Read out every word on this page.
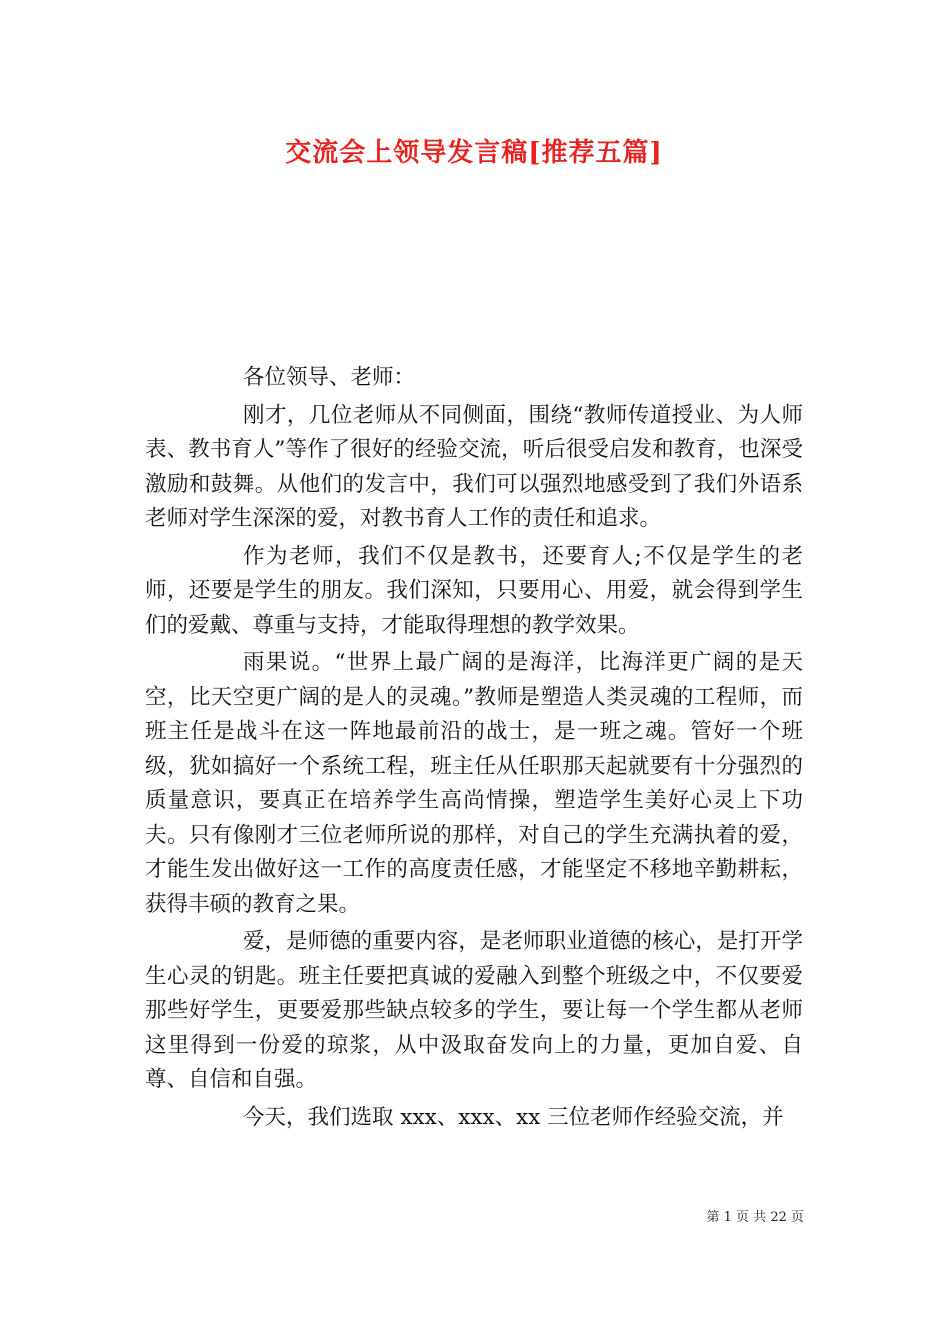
交流会上领导发言稿[推荐五篇]

各位领导、老师：

刚才，几位老师从不同侧面，围绕“教师传道授业、为人师表、教书育人”等作了很好的经验交流，听后很受启发和教育，也深受激励和鼓舞。从他们的发言中，我们可以强烈地感受到了我们外语系老师对学生深深的爱，对教书育人工作的责任和追求。

作为老师，我们不仅是教书，还要育人;不仅是学生的老师，还要是学生的朋友。我们深知，只要用心、用爱，就会得到学生们的爱戴、尊重与支持，才能取得理想的教学效果。

雨果说。“世界上最广阔的是海洋，比海洋更广阔的是天空，比天空更广阔的是人的灵魂。”教师是塑造人类灵魂的工程师，而班主任是战斗在这一阵地最前沿的战士，是一班之魂。管好一个班级，犹如搞好一个系统工程，班主任从任职那天起就要有十分强烈的质量意识，要真正在培养学生高尚情操，塑造学生美好心灵上下功夫。只有像刚才三位老师所说的那样，对自己的学生充满执着的爱，才能生发出做好这一工作的高度责任感，才能坚定不移地辛勤耕耘，获得丰硕的教育之果。

爱，是师德的重要内容，是老师职业道德的核心，是打开学生心灵的钥匙。班主任要把真诚的爱融入到整个班级之中，不仅要爱那些好学生，更要爱那些缺点较多的学生，要让每一个学生都从老师这里得到一份爱的琼浆，从中汲取奋发向上的力量，更加自爱、自尊、自信和自强。

今天，我们选取 xxx、xxx、xx 三位老师作经验交流，并

第 1 页 共 22 页
